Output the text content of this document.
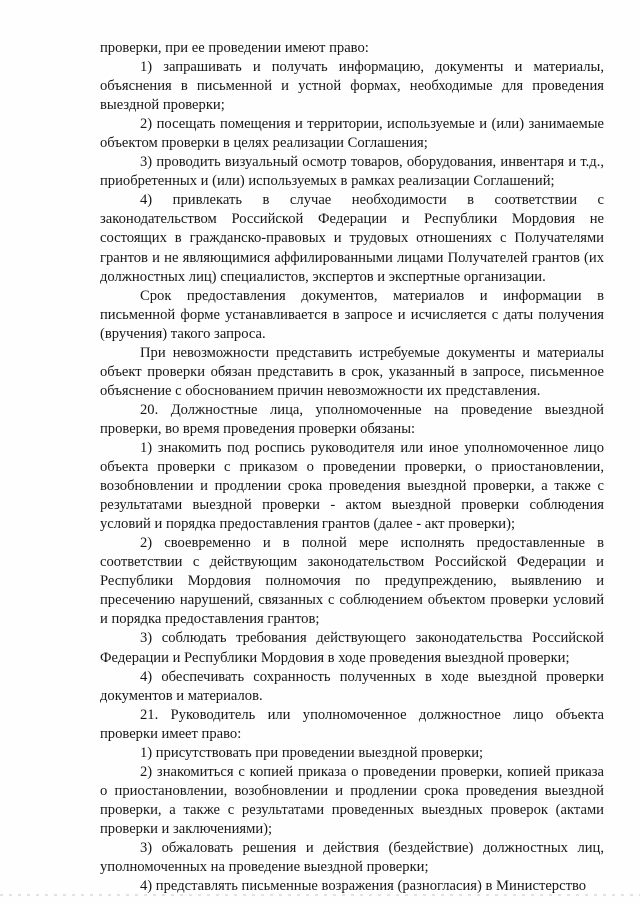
проверки, при ее проведении имеют право:

1) запрашивать и получать информацию, документы и материалы, объяснения в письменной и устной формах, необходимые для проведения выездной проверки;

2) посещать помещения и территории, используемые и (или) занимаемые объектом проверки в целях реализации Соглашения;

3) проводить визуальный осмотр товаров, оборудования, инвентаря и т.д., приобретенных и (или) используемых в рамках реализации Соглашений;

4) привлекать в случае необходимости в соответствии с законодательством Российской Федерации и Республики Мордовия не состоящих в гражданско-правовых и трудовых отношениях с Получателями грантов и не являющимися аффилированными лицами Получателей грантов (их должностных лиц) специалистов, экспертов и экспертные организации.

Срок предоставления документов, материалов и информации в письменной форме устанавливается в запросе и исчисляется с даты получения (вручения) такого запроса.

При невозможности представить истребуемые документы и материалы объект проверки обязан представить в срок, указанный в запросе, письменное объяснение с обоснованием причин невозможности их представления.

20. Должностные лица, уполномоченные на проведение выездной проверки, во время проведения проверки обязаны:

1) знакомить под роспись руководителя или иное уполномоченное лицо объекта проверки с приказом о проведении проверки, о приостановлении, возобновлении и продлении срока проведения выездной проверки, а также с результатами выездной проверки - актом выездной проверки соблюдения условий и порядка предоставления грантов (далее - акт проверки);

2) своевременно и в полной мере исполнять предоставленные в соответствии с действующим законодательством Российской Федерации и Республики Мордовия полномочия по предупреждению, выявлению и пресечению нарушений, связанных с соблюдением объектом проверки условий и порядка предоставления грантов;

3) соблюдать требования действующего законодательства Российской Федерации и Республики Мордовия в ходе проведения выездной проверки;

4) обеспечивать сохранность полученных в ходе выездной проверки документов и материалов.

21. Руководитель или уполномоченное должностное лицо объекта проверки имеет право:

1) присутствовать при проведении выездной проверки;

2) знакомиться с копией приказа о проведении проверки, копией приказа о приостановлении, возобновлении и продлении срока проведения выездной проверки, а также с результатами проведенных выездных проверок (актами проверки и заключениями);

3) обжаловать решения и действия (бездействие) должностных лиц, уполномоченных на проведение выездной проверки;

4) представлять письменные возражения (разногласия) в Министерство
